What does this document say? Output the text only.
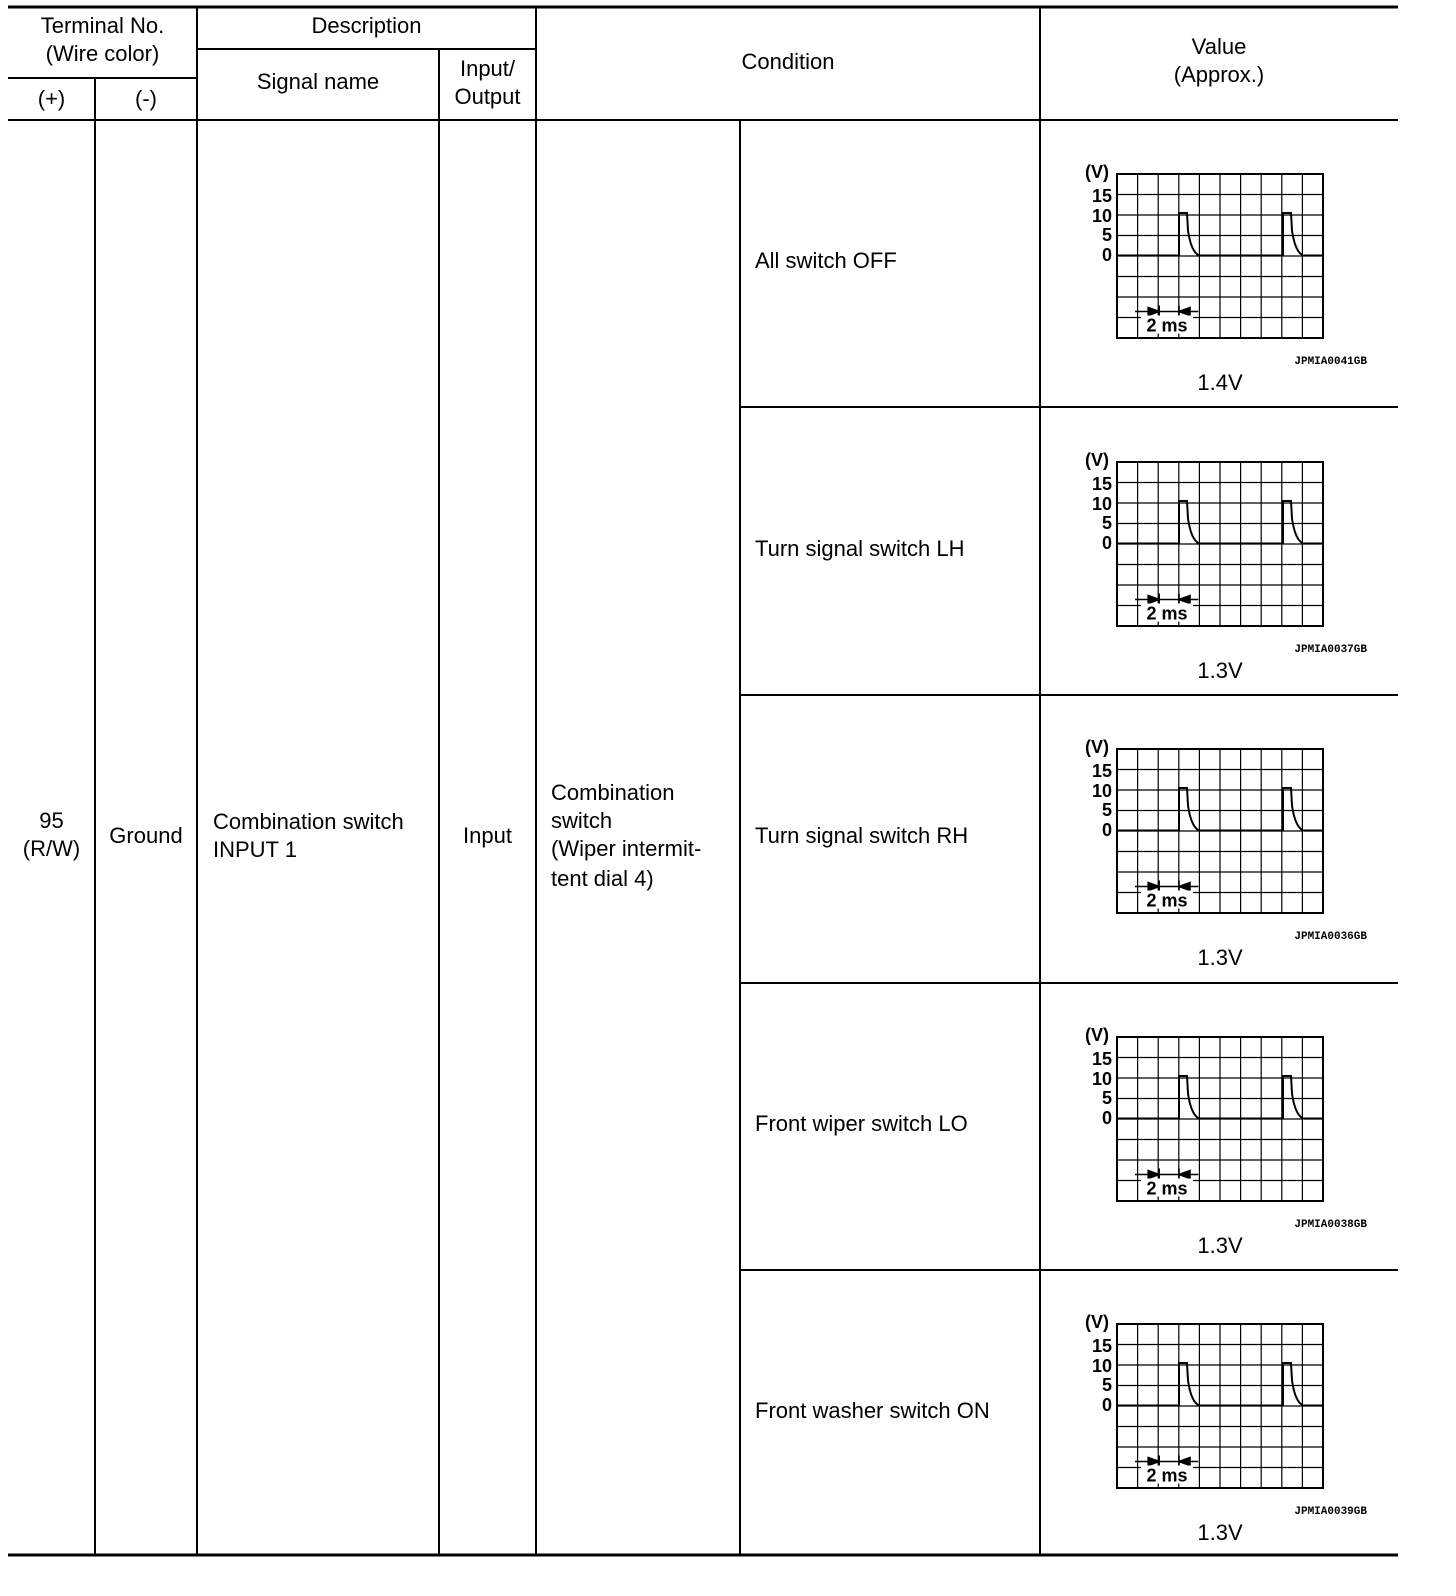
Terminal No.
(Wire color)
(+)	(-)
Description
Signal name
Input/
Output
Condition
Value
(Approx.)
95
(R/W)
Ground
Combination switch
INPUT 1
Input
Combination
switch
(Wiper intermit-
tent dial 4)
All switch OFF
Turn signal switch LH
Turn signal switch RH
Front wiper switch LO
Front washer switch ON
(V)
15
10
5
0
2 ms
JPMIA0041GB
(V)
15
10
5
0
2 ms
JPMIA0037GB
(V)
15
10
5
0
2 ms
JPMIA0036GB
(V)
15
10
5
0
2 ms
JPMIA0038GB
(V)
15
10
5
0
2 ms
JPMIA0039GB
1.4V
1.3V
1.3V
1.3V
1.3V
